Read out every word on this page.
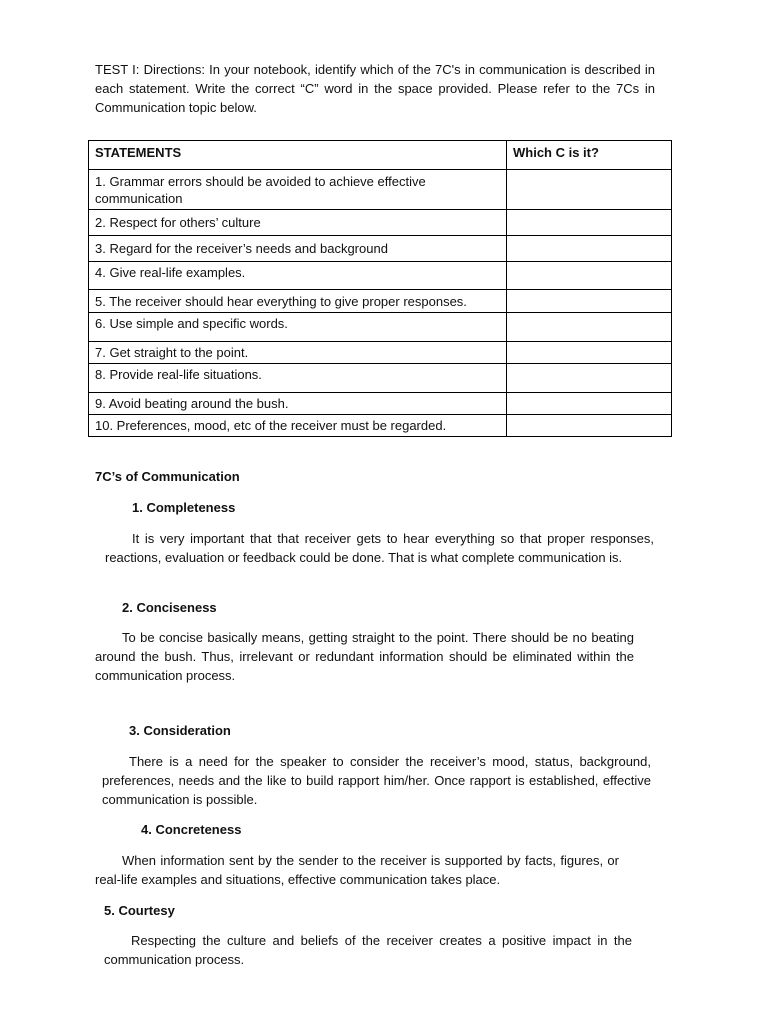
TEST I: Directions: In your notebook, identify which of the 7C's in communication is described in each statement. Write the correct “C” word in the space provided. Please refer to the 7Cs in Communication topic below.
STATEMENTS	Which C is it?
1. Grammar errors should be avoided to achieve effective communication	
2. Respect for others’ culture	
3. Regard for the receiver’s needs and background	
4. Give real-life examples.	
5. The receiver should hear everything to give proper responses.	
6. Use simple and specific words.	
7. Get straight to the point.	
8. Provide real-life situations.	
9. Avoid beating around the bush.	
10. Preferences, mood, etc of the receiver must be regarded.	
7C’s of Communication
1. Completeness
It is very important that that receiver gets to hear everything so that proper responses, reactions, evaluation or feedback could be done. That is what complete communication is.
2. Conciseness
To be concise basically means, getting straight to the point. There should be no beating around the bush. Thus, irrelevant or redundant information should be eliminated within the communication process.
3. Consideration
There is a need for the speaker to consider the receiver’s mood, status, background, preferences, needs and the like to build rapport him/her. Once rapport is established, effective communication is possible.
4. Concreteness
When information sent by the sender to the receiver is supported by facts, figures, or real-life examples and situations, effective communication takes place.
5. Courtesy
Respecting the culture and beliefs of the receiver creates a positive impact in the communication process.
